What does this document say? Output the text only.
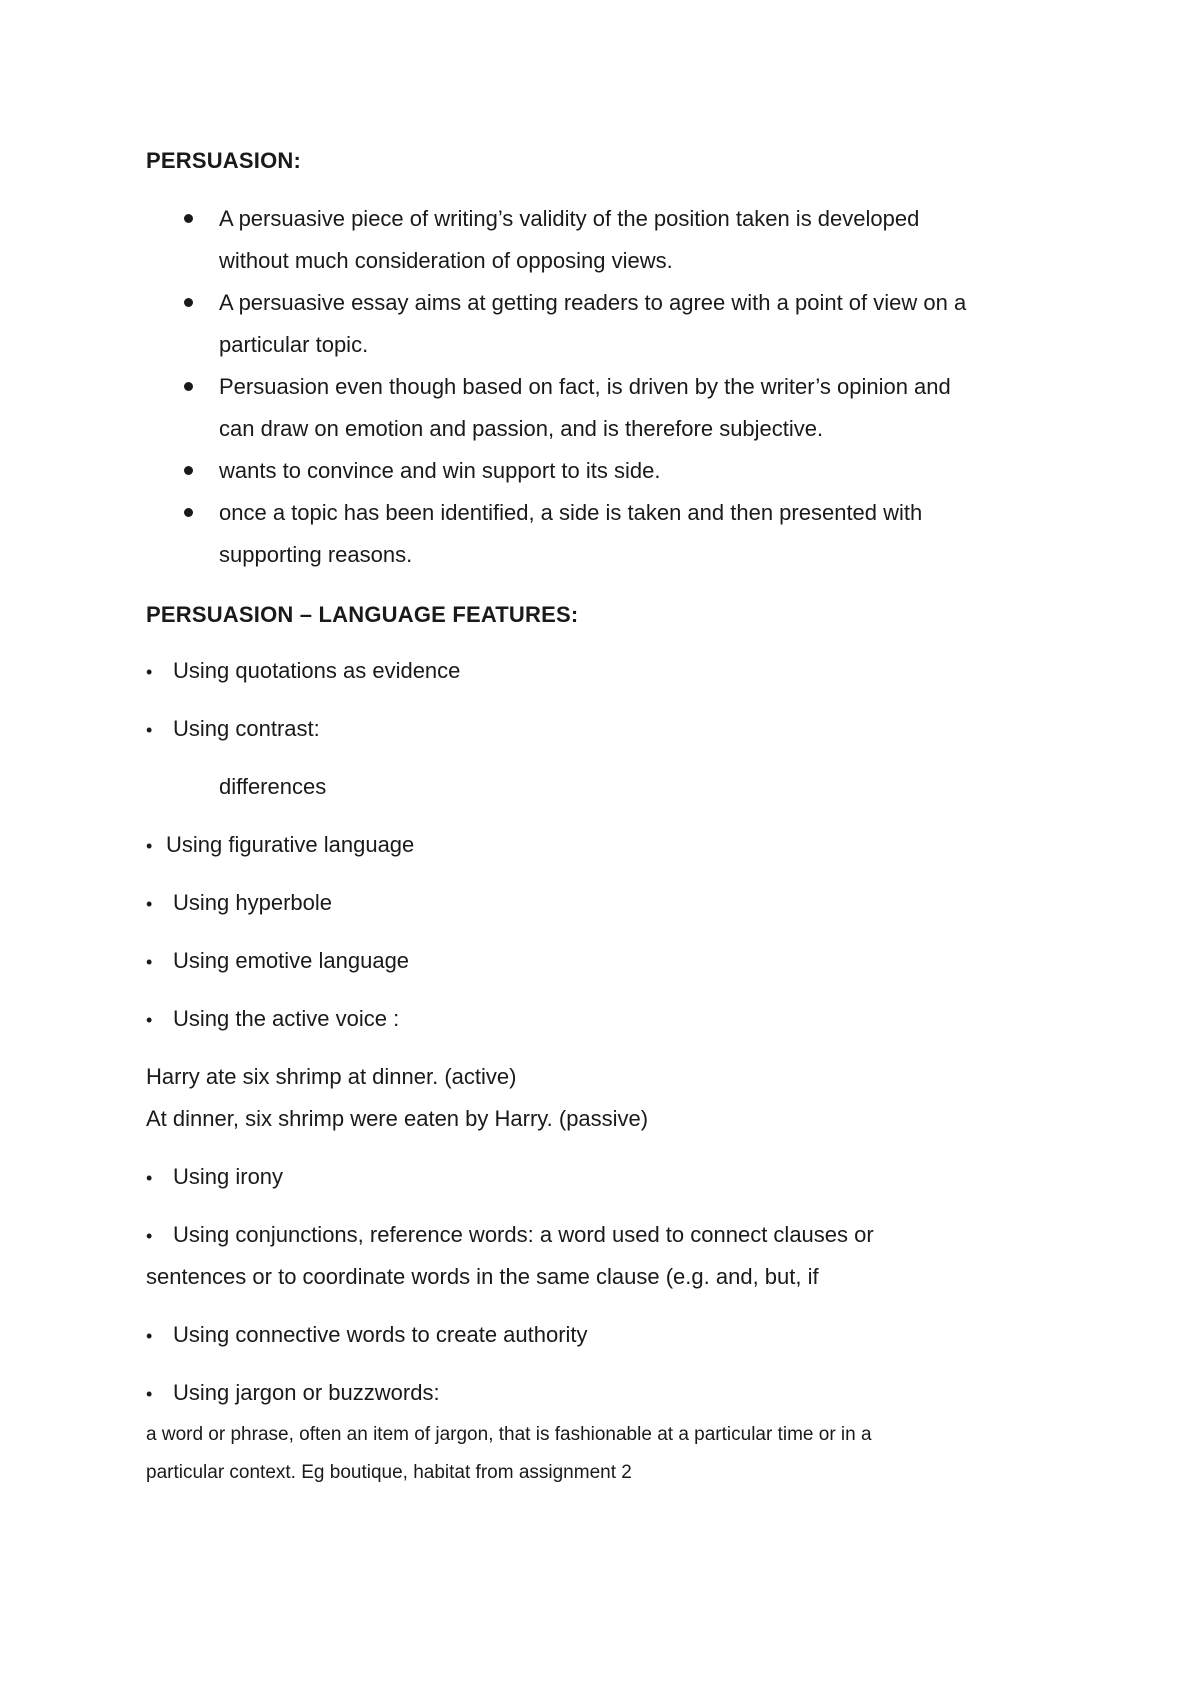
PERSUASION:
A persuasive piece of writing’s validity of the position taken is developed
without much consideration of opposing views.
A persuasive essay aims at getting readers to agree with a point of view on a
particular topic.
Persuasion even though based on fact, is driven by the writer’s opinion and
can draw on emotion and passion, and is therefore subjective.
wants to convince and win support to its side.
once a topic has been identified, a side is taken and then presented with
supporting reasons.
PERSUASION – LANGUAGE FEATURES:
• Using quotations as evidence
• Using contrast:
differences
• Using figurative language
• Using hyperbole
• Using emotive language
• Using the active voice :
Harry ate six shrimp at dinner. (active)
At dinner, six shrimp were eaten by Harry. (passive)
• Using irony
• Using conjunctions, reference words: a word used to connect clauses or
sentences or to coordinate words in the same clause (e.g. and, but, if
• Using connective words to create authority
• Using jargon or buzzwords:
a word or phrase, often an item of jargon, that is fashionable at a particular time or in a
particular context. Eg boutique, habitat from assignment 2
